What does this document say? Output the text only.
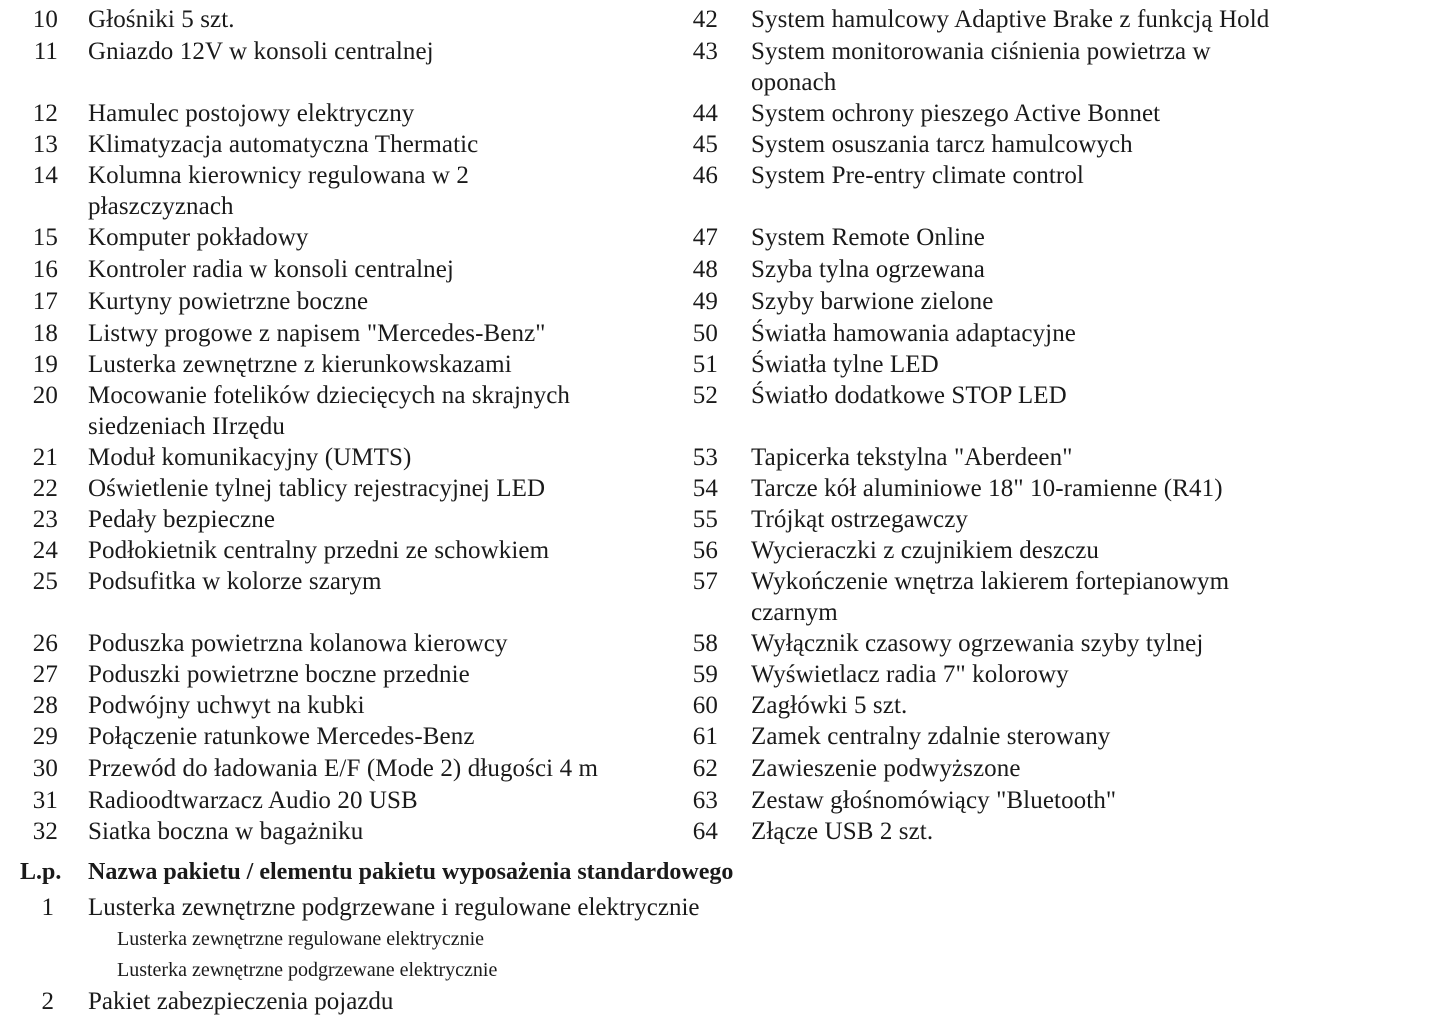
10 Głośniki 5 szt.
11 Gniazdo 12V w konsoli centralnej
12 Hamulec postojowy elektryczny
13 Klimatyzacja automatyczna Thermatic
14 Kolumna kierownicy regulowana w 2 płaszczyznach
15 Komputer pokładowy
16 Kontroler radia w konsoli centralnej
17 Kurtyny powietrzne boczne
18 Listwy progowe z napisem "Mercedes-Benz"
19 Lusterka zewnętrzne z kierunkowskazami
20 Mocowanie fotelików dziecięcych na skrajnych siedzeniach IIrzędu
21 Moduł komunikacyjny (UMTS)
22 Oświetlenie tylnej tablicy rejestracyjnej LED
23 Pedały bezpieczne
24 Podłokietnik centralny przedni ze schowkiem
25 Podsufitka w kolorze szarym
26 Poduszka powietrzna kolanowa kierowcy
27 Poduszki powietrzne boczne przednie
28 Podwójny uchwyt na kubki
29 Połączenie ratunkowe Mercedes-Benz
30 Przewód do ładowania E/F (Mode 2) długości 4 m
31 Radioodtwarzacz Audio 20 USB
32 Siatka boczna w bagażniku
42 System hamulcowy Adaptive Brake z funkcją Hold
43 System monitorowania ciśnienia powietrza w oponach
44 System ochrony pieszego Active Bonnet
45 System osuszania tarcz hamulcowych
46 System Pre-entry climate control
47 System Remote Online
48 Szyba tylna ogrzewana
49 Szyby barwione zielone
50 Światła hamowania adaptacyjne
51 Światła tylne LED
52 Światło dodatkowe STOP LED
53 Tapicerka tekstylna "Aberdeen"
54 Tarcze kół aluminiowe 18" 10-ramienne (R41)
55 Trójkąt ostrzegawczy
56 Wycieraczki z czujnikiem deszczu
57 Wykończenie wnętrza lakierem fortepianowym czarnym
58 Wyłącznik czasowy ogrzewania szyby tylnej
59 Wyświetlacz radia 7" kolorowy
60 Zagłówki 5 szt.
61 Zamek centralny zdalnie sterowany
62 Zawieszenie podwyższone
63 Zestaw głośnomówiący "Bluetooth"
64 Złącze USB 2 szt.
L.p. Nazwa pakietu / elementu pakietu wyposażenia standardowego
1 Lusterka zewnętrzne podgrzewane i regulowane elektrycznie
Lusterka zewnętrzne regulowane elektrycznie
Lusterka zewnętrzne podgrzewane elektrycznie
2 Pakiet zabezpieczenia pojazdu
